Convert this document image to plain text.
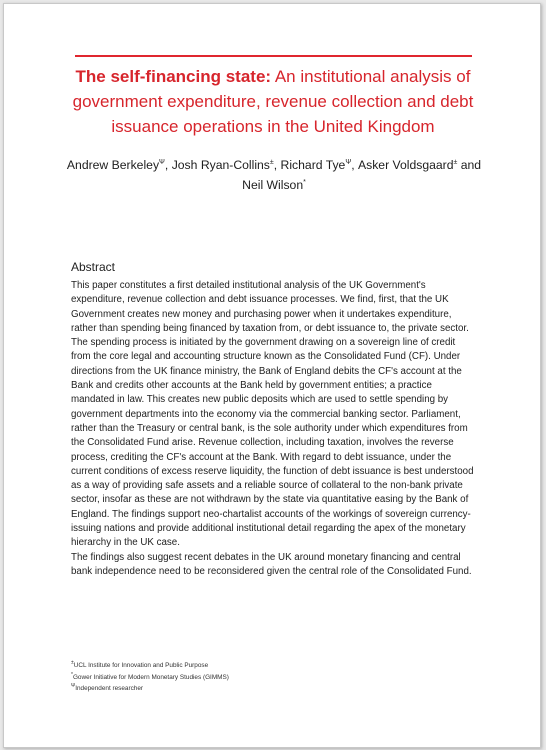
The self-financing state: An institutional analysis of government expenditure, revenue collection and debt issuance operations in the United Kingdom
Andrew Berkeley$^\Psi$, Josh Ryan-Collins±, Richard Tye$^\Psi$, Asker Voldsgaard± and
Neil Wilson*
Abstract

This paper constitutes a first detailed institutional analysis of the UK Government's expenditure, revenue collection and debt issuance processes. We find, first, that the UK Government creates new money and purchasing power when it undertakes expenditure, rather than spending being financed by taxation from, or debt issuance to, the private sector. The spending process is initiated by the government drawing on a sovereign line of credit from the core legal and accounting structure known as the Consolidated Fund (CF). Under directions from the UK finance ministry, the Bank of England debits the CF's account at the Bank and credits other accounts at the Bank held by government entities; a practice mandated in law. This creates new public deposits which are used to settle spending by government departments into the economy via the commercial banking sector. Parliament, rather than the Treasury or central bank, is the sole authority under which expenditures from the Consolidated Fund arise. Revenue collection, including taxation, involves the reverse process, crediting the CF's account at the Bank. With regard to debt issuance, under the current conditions of excess reserve liquidity, the function of debt issuance is best understood as a way of providing safe assets and a reliable source of collateral to the non-bank private sector, insofar as these are not withdrawn by the state via quantitative easing by the Bank of England. The findings support neo-chartalist accounts of the workings of sovereign currency-issuing nations and provide additional institutional detail regarding the apex of the monetary hierarchy in the UK case.

The findings also suggest recent debates in the UK around monetary financing and central bank independence need to be reconsidered given the central role of the Consolidated Fund.

±UCL Institute for Innovation and Public Purpose
*Gower Initiative for Modern Monetary Studies (GIMMS)
$^\Psi$Independent researcher
